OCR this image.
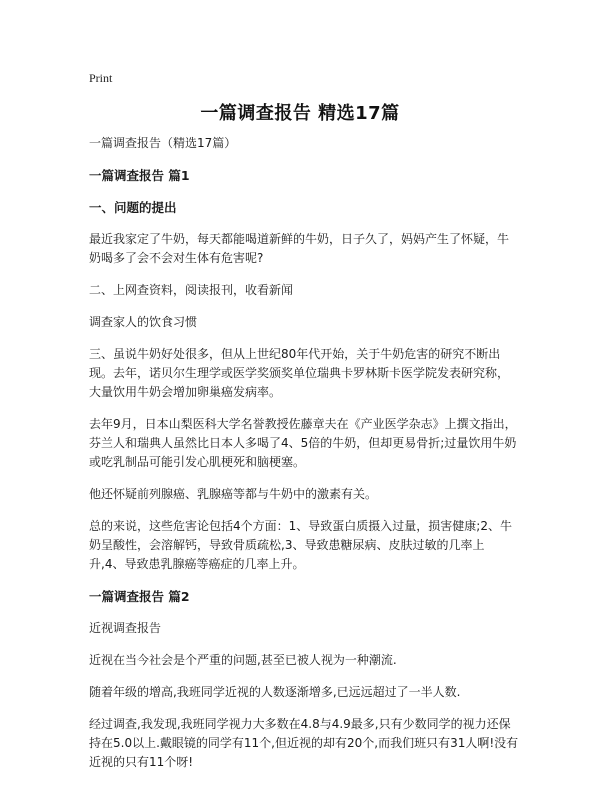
Print
一篇调查报告 精选17篇

一篇调查报告（精选17篇）

一篇调查报告 篇1
一、问题的提出

最近我家定了牛奶，每天都能喝道新鲜的牛奶，日子久了，妈妈产生了怀疑，牛奶喝多了会不会对生体有危害呢?

二、上网查资料，阅读报刊，收看新闻

调查家人的饮食习惯

三、虽说牛奶好处很多，但从上世纪80年代开始，关于牛奶危害的研究不断出现。去年，诺贝尔生理学或医学奖颁奖单位瑞典卡罗林斯卡医学院发表研究称，大量饮用牛奶会增加卵巢癌发病率。

去年9月，日本山梨医科大学名誉教授佐藤章夫在《产业医学杂志》上撰文指出，芬兰人和瑞典人虽然比日本人多喝了4、5倍的牛奶，但却更易骨折;过量饮用牛奶或吃乳制品可能引发心肌梗死和脑梗塞。

他还怀疑前列腺癌、乳腺癌等都与牛奶中的激素有关。

总的来说，这些危害论包括4个方面：1、导致蛋白质摄入过量，损害健康;2、牛奶呈酸性，会溶解钙，导致骨质疏松,3、导致患糖尿病、皮肤过敏的几率上升,4、导致患乳腺癌等癌症的几率上升。

一篇调查报告 篇2

近视调查报告

近视在当今社会是个严重的问题,甚至已被人视为一种潮流.

随着年级的增高,我班同学近视的人数逐渐增多,已远远超过了一半人数.

经过调查,我发现,我班同学视力大多数在4.8与4.9最多,只有少数同学的视力还保持在5.0以上.戴眼镜的同学有11个,但近视的却有20个,而我们班只有31人啊!没有近视的只有11个呀!
